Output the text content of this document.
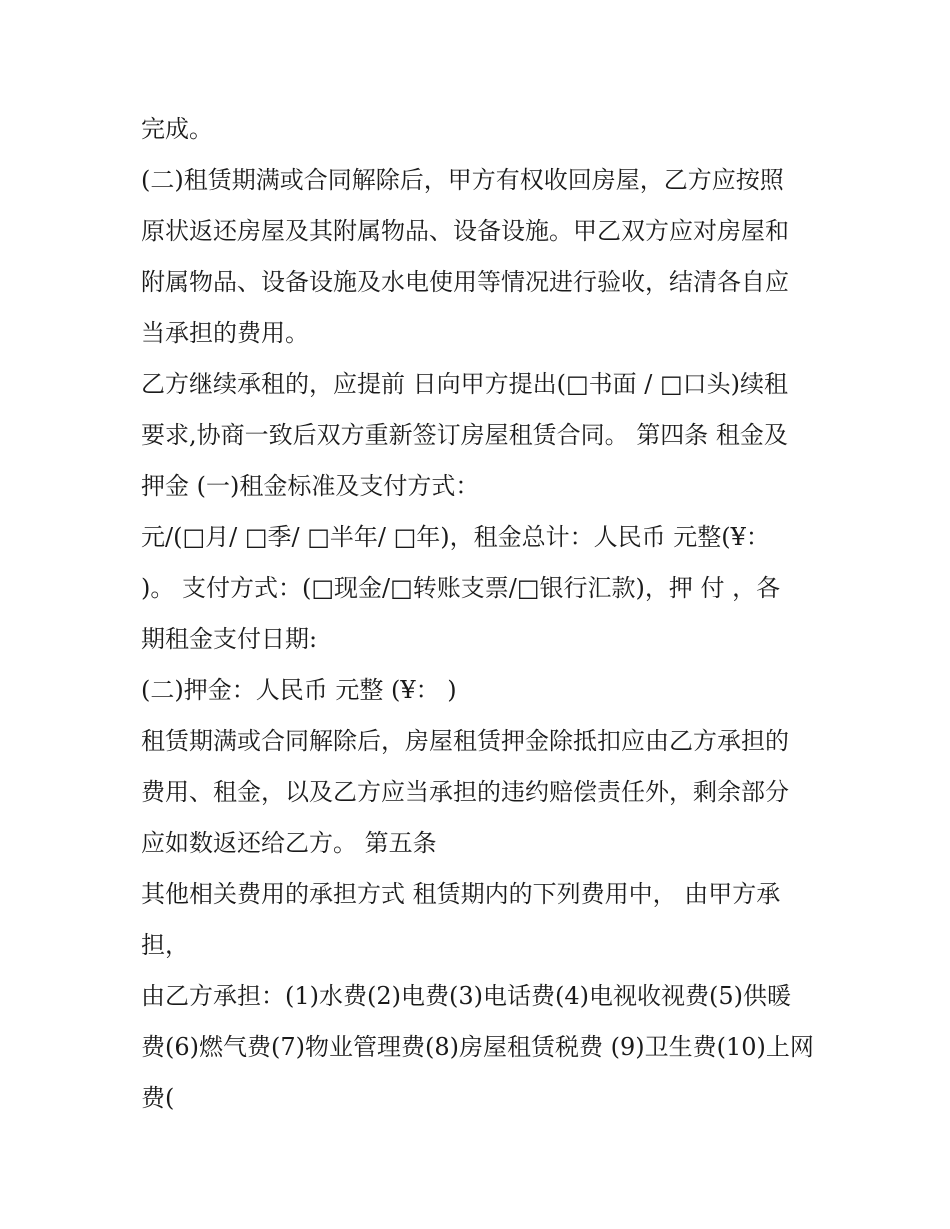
完成。
(二)租赁期满或合同解除后，甲方有权收回房屋，乙方应按照
原状返还房屋及其附属物品、设备设施。甲乙双方应对房屋和
附属物品、设备设施及水电使用等情况进行验收，结清各自应
当承担的费用。
乙方继续承租的，应提前 日向甲方提出(□书面 / □口头)续租
要求,协商一致后双方重新签订房屋租赁合同。 第四条 租金及
押金 (一)租金标准及支付方式：
元/(□月/ □季/ □半年/ □年)，租金总计：人民币 元整(¥：
)。 支付方式：(□现金/□转账支票/□银行汇款)，押 付 ，各
期租金支付日期:
(二)押金：人民币 元整 (¥： )
租赁期满或合同解除后，房屋租赁押金除抵扣应由乙方承担的
费用、租金，以及乙方应当承担的违约赔偿责任外，剩余部分
应如数返还给乙方。 第五条
其他相关费用的承担方式 租赁期内的下列费用中， 由甲方承
担，
由乙方承担：(1)水费(2)电费(3)电话费(4)电视收视费(5)供暖
费(6)燃气费(7)物业管理费(8)房屋租赁税费 (9)卫生费(10)上网
费(
